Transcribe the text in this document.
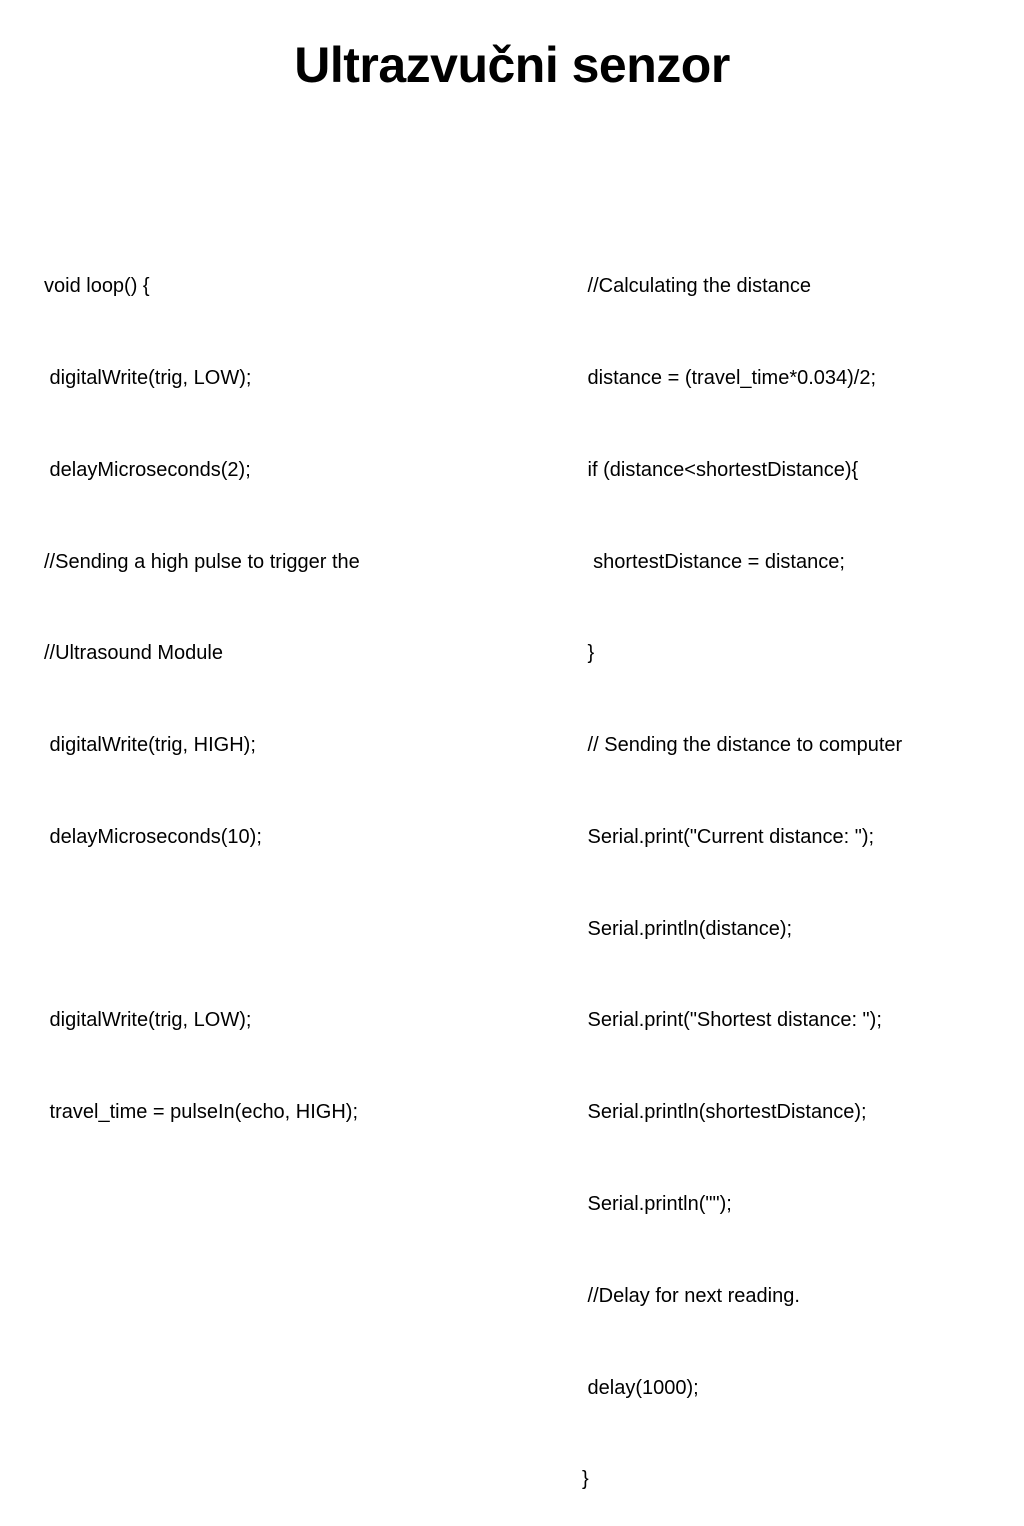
Ultrazvučni senzor

void loop() {

digitalWrite(trig, LOW);

delayMicroseconds(2);

//Sending a high pulse to trigger the

//Ultrasound Module

digitalWrite(trig, HIGH);

delayMicroseconds(10);

digitalWrite(trig, LOW);

travel_time = pulseIn(echo, HIGH);

//Calculating the distance

distance = (travel_time*0.034)/2;

if (distance<shortestDistance){

shortestDistance = distance;

}

// Sending the distance to computer

Serial.print("Current distance: ");

Serial.println(distance);

Serial.print("Shortest distance: ");

Serial.println(shortestDistance);

Serial.println("");

//Delay for next reading.

delay(1000);

}
